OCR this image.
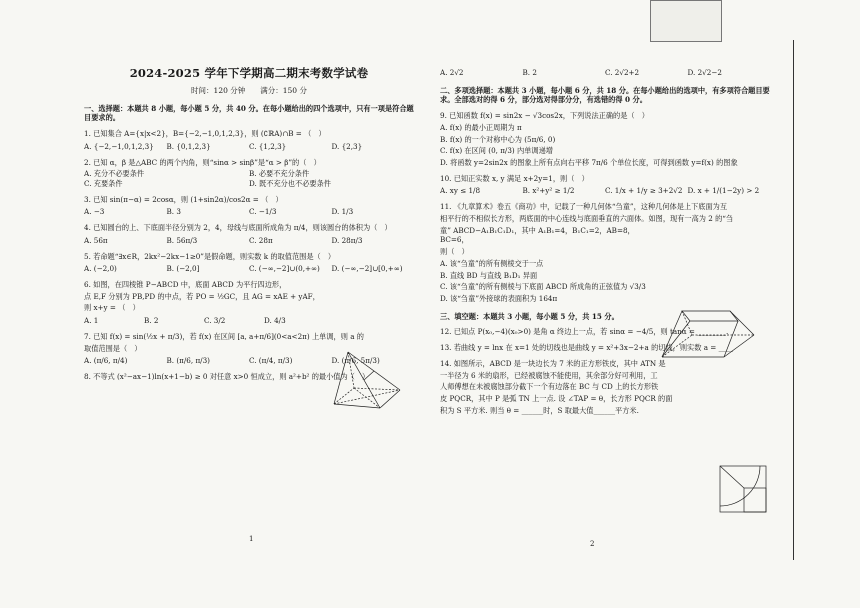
2024-2025 学年下学期高二期末考数学试卷
时间：120 分钟　　满分：150 分
一、选择题：本题共 8 小题，每小题 5 分，共 40 分。在每小题给出的四个选项中，只有一项是符合题目要求的。
1. 已知集合 A={x|x<2}，B={−2,−1,0,1,2,3}，则 (∁ℝA)∩B = （　）
A. {−2,−1,0,1,2,3}	B. {0,1,2,3}	C. {1,2,3}	D. {2,3}
2. 已知 α，β 是△ABC 的两个内角，则“sinα > sinβ”是“α > β”的（　）
A. 充分不必要条件	B. 必要不充分条件
C. 充要条件	D. 既不充分也不必要条件
3. 已知 sin(π−α) = 2cosα，则 (1+sin2α)/cos2α = （　）
A. −3	B. 3	C. −1/3	D. 1/3
4. 已知圆台的上、下底面半径分别为 2，4，母线与底面所成角为 π/4，则该圆台的体积为（　）
A. 56π	B. 56π/3	C. 28π	D. 28π/3
5. 若命题“∃x∈R，2kx²−2kx−1≥0”是假命题，则实数 k 的取值范围是（　）
A. (−2,0)	B. (−2,0]	C. (−∞,−2]∪(0,+∞)	D. (−∞,−2]∪[0,+∞)
6. 如图，在四棱锥 P−ABCD 中，底面 ABCD 为平行四边形，
点 E,F 分别为 PB,PD 的中点，若 PO = ½GC，且 AG = xAE + yAF，
则 x+y = （　）
A. 1	B. 2	C. 3/2	D. 4/3
7. 已知 f(x) = sin(½x + π/3)，若 f(x) 在区间 [a, a+π/6](0<a<2π) 上单调，则 a 的
取值范围是（　）
A. (π/6, π/4)	B. (π/6, π/3)	C. (π/4, π/3)	D. (π/6, 5π/3)
8. 不等式 (x²−ax−1)ln(x+1−b) ≥ 0 对任意 x>0 恒成立，则 a²+b² 的最小值为（　）
1
A. 2√2	B. 2	C. 2√2+2	D. 2√2−2
二、多项选择题：本题共 3 小题，每小题 6 分，共 18 分。在每小题给出的选项中，有多项符合题目要求。全部选对的得 6 分，部分选对得部分分，有选错的得 0 分。
9. 已知函数 f(x) = sin2x − √3cos2x，下列说法正确的是（　）
A. f(x) 的最小正周期为 π
B. f(x) 的一个对称中心为 (5π/6, 0)
C. f(x) 在区间 (0, π/3) 内单调递增
D. 将函数 y=2sin2x 的图象上所有点向右平移 7π/6 个单位长度，可得到函数 y=f(x) 的图象
10. 已知正实数 x, y 满足 x+2y=1，则（　）
A. xy ≤ 1/8	B. x²+y² ≥ 1/2	C. 1/x + 1/y ≥ 3+2√2 D. x + 1/(1−2y) > 2
11. 《九章算术》卷五《商功》中，记载了一种几何体“刍童”，这种几何体是上下底面为互
相平行的不相似长方形，两底面的中心连线与底面垂直的六面体。如图，现有一高为 2 的“刍
童” ABCD−A₁B₁C₁D₁，其中 A₁B₁=4，B₁C₁=2，AB=8，BC=6，
则（　）
A. 该“刍童”的所有侧棱交于一点
B. 直线 BD 与直线 B₁D₁ 异面
C. 该“刍童”的所有侧棱与下底面 ABCD 所成角的正弦值为 √3/3
D. 该“刍童”外接球的表面积为 164π
三、填空题：本题共 3 小题，每小题 5 分，共 15 分。
12. 已知点 P(x₀,−4)(x₀>0) 是角 α 终边上一点，若 sinα = −4/5，则 tanα = ________.
13. 若曲线 y = lnx 在 x=1 处的切线也是曲线 y = x²+3x−2+a 的切线，则实数 a = ____
14. 如图所示，ABCD 是一块边长为 7 米的正方形铁皮，其中 ATN 是
一半径为 6 米的扇形，已经被腐蚀不能使用，其余部分好可利用，工
人师傅想在未被腐蚀部分截下一个有边落在 BC 与 CD 上的长方形铁
皮 PQCR，其中 P 是弧 TN 上一点. 设 ∠TAP = θ，长方形 PQCR 的面
积为 S 平方米. 则当 θ = ______时，S 取最大值______平方米.
2
